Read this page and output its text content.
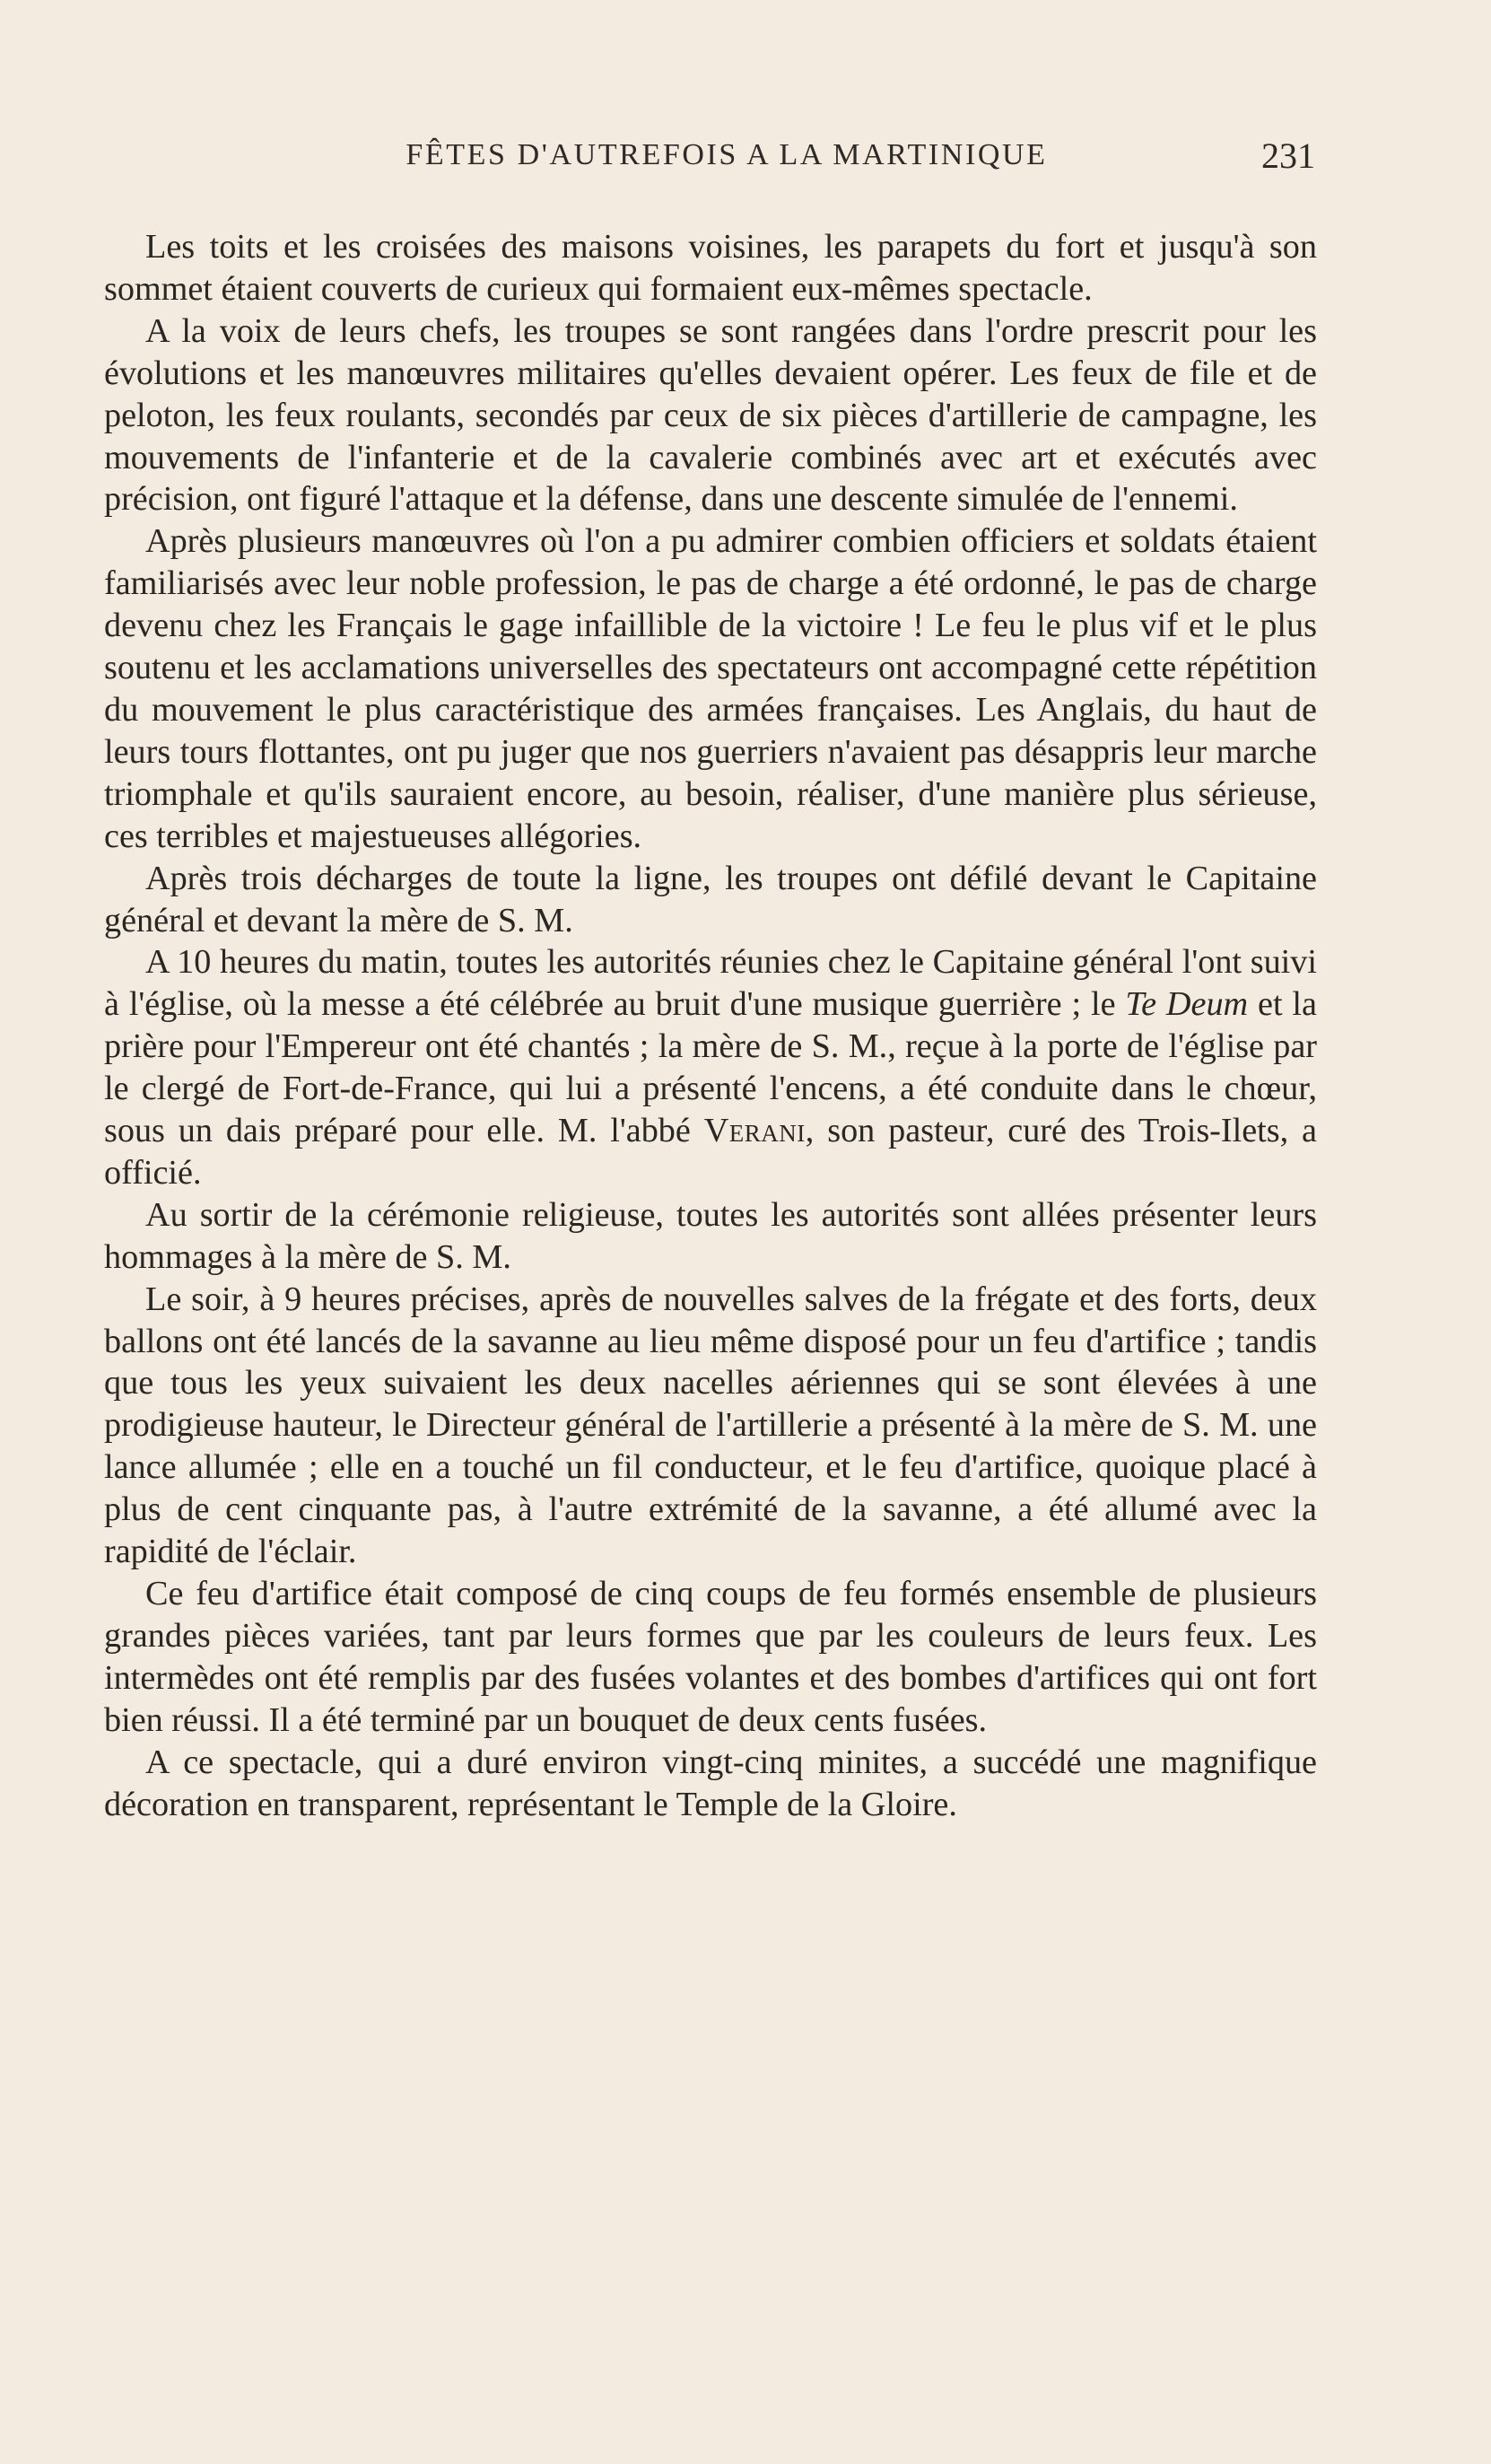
FÊTES D'AUTREFOIS A LA MARTINIQUE	231

Les toits et les croisées des maisons voisines, les parapets du fort et jusqu'à son sommet étaient couverts de curieux qui formaient eux-mêmes spectacle.

A la voix de leurs chefs, les troupes se sont rangées dans l'ordre prescrit pour les évolutions et les manœuvres militaires qu'elles devaient opérer. Les feux de file et de peloton, les feux roulants, secondés par ceux de six pièces d'artillerie de campagne, les mouvements de l'infanterie et de la cavalerie combinés avec art et exécutés avec précision, ont figuré l'attaque et la défense, dans une descente simulée de l'ennemi.

Après plusieurs manœuvres où l'on a pu admirer combien officiers et soldats étaient familiarisés avec leur noble profession, le pas de charge a été ordonné, le pas de charge devenu chez les Français le gage infaillible de la victoire ! Le feu le plus vif et le plus soutenu et les acclamations universelles des spectateurs ont accompagné cette répétition du mouvement le plus caractéristique des armées françaises. Les Anglais, du haut de leurs tours flottantes, ont pu juger que nos guerriers n'avaient pas désappris leur marche triomphale et qu'ils sauraient encore, au besoin, réaliser, d'une manière plus sérieuse, ces terribles et majestueuses allégories.

Après trois décharges de toute la ligne, les troupes ont défilé devant le Capitaine général et devant la mère de S. M.

A 10 heures du matin, toutes les autorités réunies chez le Capitaine général l'ont suivi à l'église, où la messe a été célébrée au bruit d'une musique guerrière ; le Te Deum et la prière pour l'Empereur ont été chantés ; la mère de S. M., reçue à la porte de l'église par le clergé de Fort-de-France, qui lui a présenté l'encens, a été conduite dans le chœur, sous un dais préparé pour elle. M. l'abbé Verani, son pasteur, curé des Trois-Ilets, a officié.

Au sortir de la cérémonie religieuse, toutes les autorités sont allées présenter leurs hommages à la mère de S. M.

Le soir, à 9 heures précises, après de nouvelles salves de la frégate et des forts, deux ballons ont été lancés de la savanne au lieu même disposé pour un feu d'artifice ; tandis que tous les yeux suivaient les deux nacelles aériennes qui se sont élevées à une prodigieuse hauteur, le Directeur général de l'artillerie a présenté à la mère de S. M. une lance allumée ; elle en a touché un fil conducteur, et le feu d'artifice, quoique placé à plus de cent cinquante pas, à l'autre extrémité de la savanne, a été allumé avec la rapidité de l'éclair.

Ce feu d'artifice était composé de cinq coups de feu formés ensemble de plusieurs grandes pièces variées, tant par leurs formes que par les couleurs de leurs feux. Les intermèdes ont été remplis par des fusées volantes et des bombes d'artifices qui ont fort bien réussi. Il a été terminé par un bouquet de deux cents fusées.

A ce spectacle, qui a duré environ vingt-cinq minites, a succédé une magnifique décoration en transparent, représentant le Temple de la Gloire.
